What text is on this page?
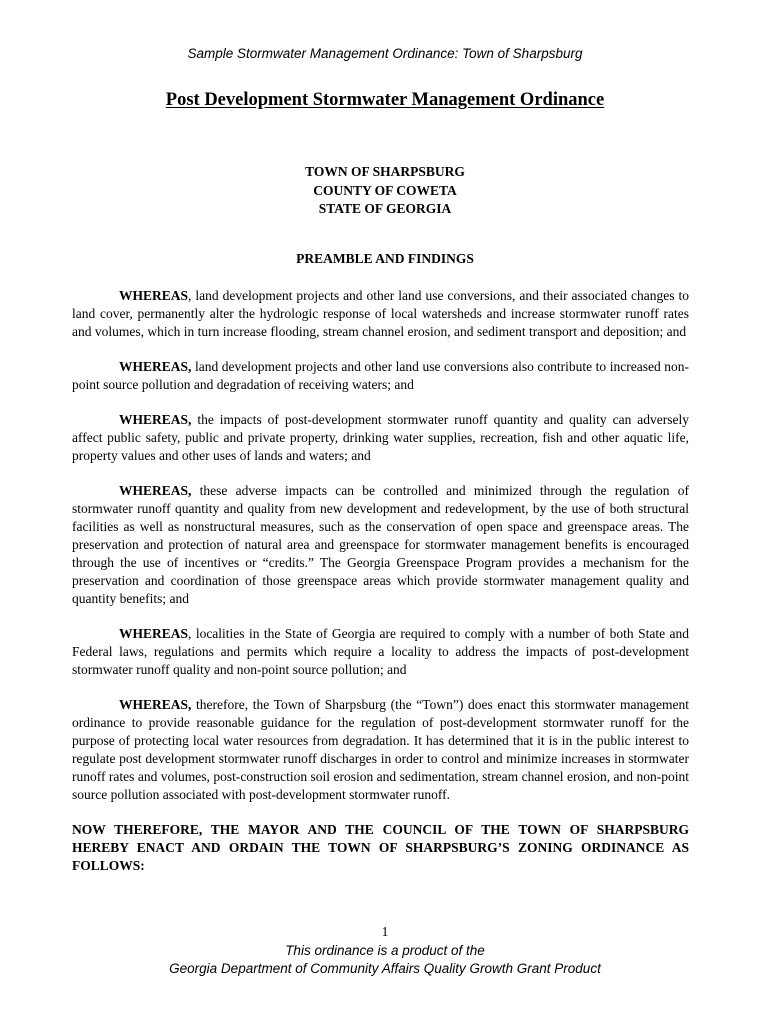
Sample Stormwater Management Ordinance: Town of Sharpsburg
Post Development Stormwater Management Ordinance
TOWN OF SHARPSBURG
COUNTY OF COWETA
STATE OF GEORGIA
PREAMBLE AND FINDINGS

WHEREAS, land development projects and other land use conversions, and their associated changes to land cover, permanently alter the hydrologic response of local watersheds and increase stormwater runoff rates and volumes, which in turn increase flooding, stream channel erosion, and sediment transport and deposition; and

WHEREAS, land development projects and other land use conversions also contribute to increased non-point source pollution and degradation of receiving waters; and

WHEREAS, the impacts of post-development stormwater runoff quantity and quality can adversely affect public safety, public and private property, drinking water supplies, recreation, fish and other aquatic life, property values and other uses of lands and waters; and

WHEREAS, these adverse impacts can be controlled and minimized through the regulation of stormwater runoff quantity and quality from new development and redevelopment, by the use of both structural facilities as well as nonstructural measures, such as the conservation of open space and greenspace areas. The preservation and protection of natural area and greenspace for stormwater management benefits is encouraged through the use of incentives or “credits.” The Georgia Greenspace Program provides a mechanism for the preservation and coordination of those greenspace areas which provide stormwater management quality and quantity benefits; and

WHEREAS, localities in the State of Georgia are required to comply with a number of both State and Federal laws, regulations and permits which require a locality to address the impacts of post-development stormwater runoff quality and non-point source pollution; and

WHEREAS, therefore, the Town of Sharpsburg (the “Town”) does enact this stormwater management ordinance to provide reasonable guidance for the regulation of post-development stormwater runoff for the purpose of protecting local water resources from degradation. It has determined that it is in the public interest to regulate post development stormwater runoff discharges in order to control and minimize increases in stormwater runoff rates and volumes, post-construction soil erosion and sedimentation, stream channel erosion, and non-point source pollution associated with post-development stormwater runoff.

NOW THEREFORE, THE MAYOR AND THE COUNCIL OF THE TOWN OF SHARPSBURG HEREBY ENACT AND ORDAIN THE TOWN OF SHARPSBURG’S ZONING ORDINANCE AS FOLLOWS:

1
This ordinance is a product of the
Georgia Department of Community Affairs Quality Growth Grant Product
